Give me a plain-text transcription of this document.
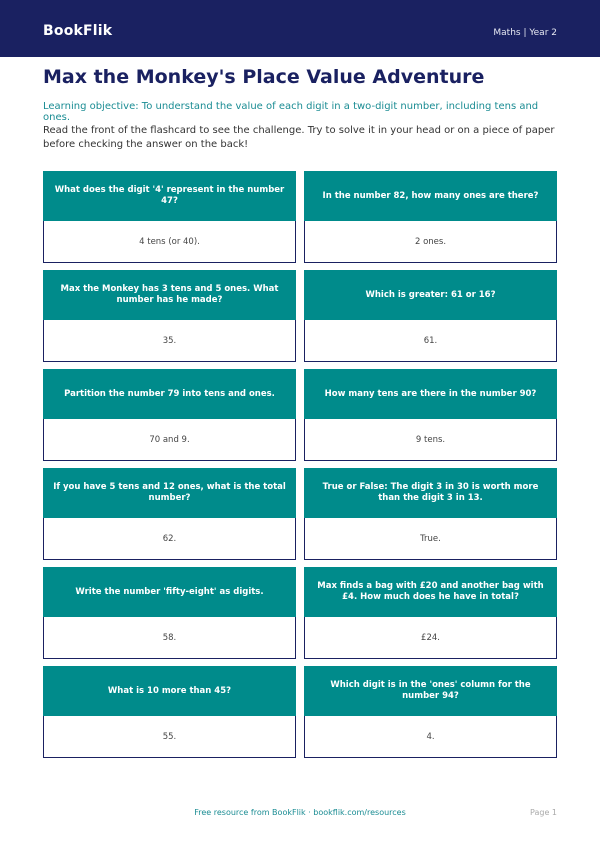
BookFlik	Maths | Year 2
Max the Monkey's Place Value Adventure
Learning objective: To understand the value of each digit in a two-digit number, including tens and ones.
Read the front of the flashcard to see the challenge. Try to solve it in your head or on a piece of paper before checking the answer on the back!
What does the digit '4' represent in the number 47?
4 tens (or 40).
In the number 82, how many ones are there?
2 ones.
Max the Monkey has 3 tens and 5 ones. What number has he made?
35.
Which is greater: 61 or 16?
61.
Partition the number 79 into tens and ones.
70 and 9.
How many tens are there in the number 90?
9 tens.
If you have 5 tens and 12 ones, what is the total number?
62.
True or False: The digit 3 in 30 is worth more than the digit 3 in 13.
True.
Write the number 'fifty-eight' as digits.
58.
Max finds a bag with £20 and another bag with £4. How much does he have in total?
£24.
What is 10 more than 45?
55.
Which digit is in the 'ones' column for the number 94?
4.
Free resource from BookFlik · bookflik.com/resources	Page 1
